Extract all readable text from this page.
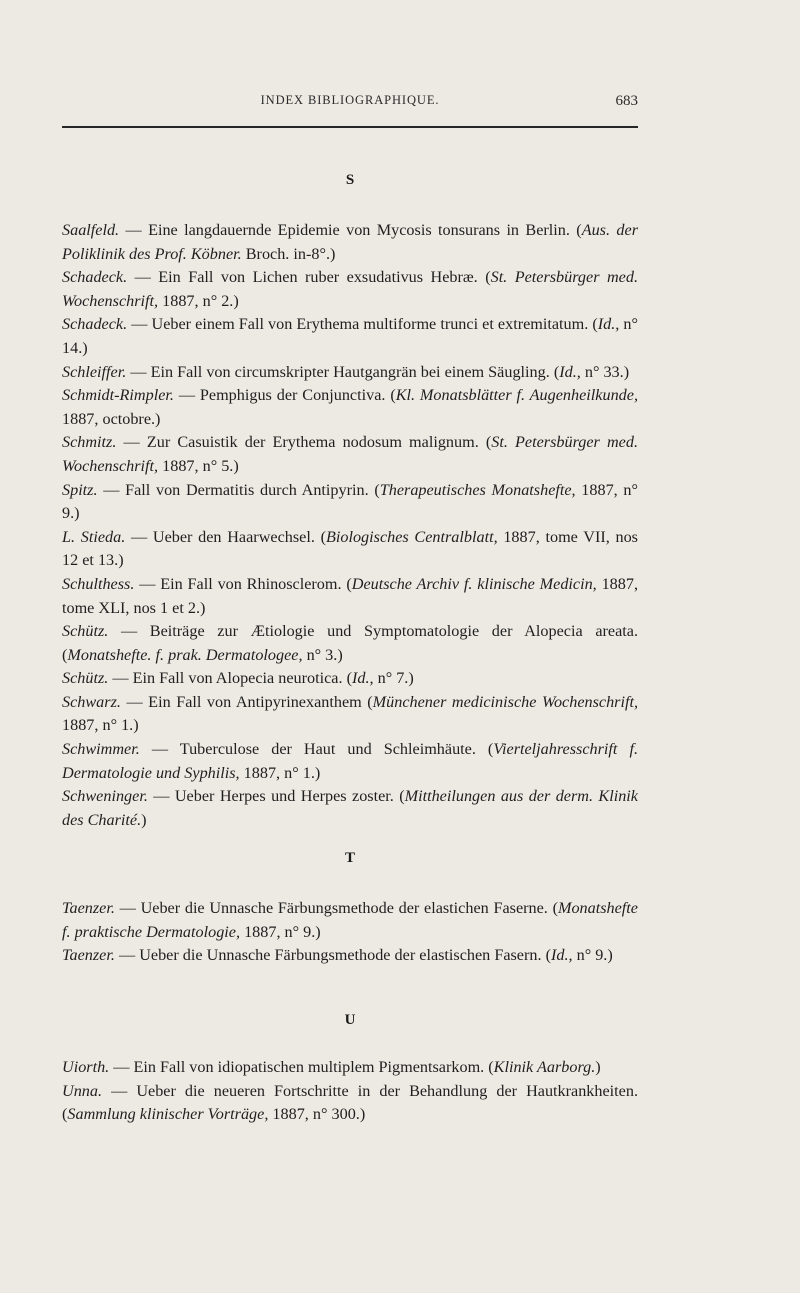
INDEX BIBLIOGRAPHIQUE.	683
S

Saalfeld. — Eine langdauernde Epidemie von Mycosis tonsurans in Berlin. (Aus. der Poliklinik des Prof. Köbner. Broch. in-8°.)

Schadeck. — Ein Fall von Lichen ruber exsudativus Hebræ. (St. Petersbürger med. Wochenschrift, 1887, n° 2.)

Schadeck. — Ueber einem Fall von Erythema multiforme trunci et extremitatum. (Id., n° 14.)

Schleiffer. — Ein Fall von circumskripter Hautgangrän bei einem Säugling. (Id., n° 33.)

Schmidt-Rimpler. — Pemphigus der Conjunctiva. (Kl. Monatsblätter f. Augenheilkunde, 1887, octobre.)

Schmitz. — Zur Casuistik der Erythema nodosum malignum. (St. Petersbürger med. Wochenschrift, 1887, n° 5.)

Spitz. — Fall von Dermatitis durch Antipyrin. (Therapeutisches Monatshefte, 1887, n° 9.)

L. Stieda. — Ueber den Haarwechsel. (Biologisches Centralblatt, 1887, tome VII, nos 12 et 13.)

Schulthess. — Ein Fall von Rhinosclerom. (Deutsche Archiv f. klinische Medicin, 1887, tome XLI, nos 1 et 2.)

Schütz. — Beiträge zur Ætiologie und Symptomatologie der Alopecia areata. (Monatshefte. f. prak. Dermatologee, n° 3.)

Schütz. — Ein Fall von Alopecia neurotica. (Id., n° 7.)

Schwarz. — Ein Fall von Antipyrinexanthem (Münchener medicinische Wochenschrift, 1887, n° 1.)

Schwimmer. — Tuberculose der Haut und Schleimhäute. (Vierteljahresschrift f. Dermatologie und Syphilis, 1887, n° 1.)

Schweninger. — Ueber Herpes und Herpes zoster. (Mittheilungen aus der derm. Klinik des Charité.)

T

Taenzer. — Ueber die Unnasche Färbungsmethode der elastichen Faserne. (Monatshefte f. praktische Dermatologie, 1887, n° 9.)

Taenzer. — Ueber die Unnasche Färbungsmethode der elastischen Fasern. (Id., n° 9.)

U

Uiorth. — Ein Fall von idiopatischen multiplem Pigmentsarkom. (Klinik Aarborg.)

Unna. — Ueber die neueren Fortschritte in der Behandlung der Hautkrankheiten. (Sammlung klinischer Vorträge, 1887, n° 300.)
